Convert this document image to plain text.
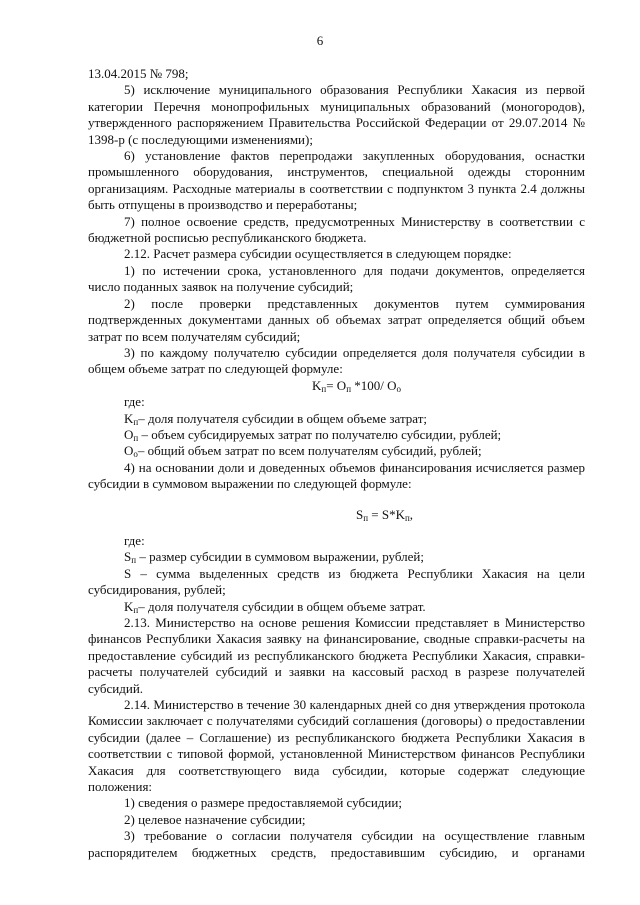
6

13.04.2015 № 798;

5) исключение муниципального образования Республики Хакасия из первой категории Перечня монопрофильных муниципальных образований (моногородов), утвержденного распоряжением Правительства Российской Федерации от 29.07.2014 № 1398-р (с последующими изменениями);

6) установление фактов перепродажи закупленных оборудования, оснастки промышленного оборудования, инструментов, специальной одежды сторонним организациям. Расходные материалы в соответствии с подпунктом 3 пункта 2.4 должны быть отпущены в производство и переработаны;

7) полное освоение средств, предусмотренных Министерству в соответствии с бюджетной росписью республиканского бюджета.

2.12. Расчет размера субсидии осуществляется в следующем порядке:

1) по истечении срока, установленного для подачи документов, определяется число поданных заявок на получение субсидий;

2) после проверки представленных документов путем суммирования подтвержденных документами данных об объемах затрат определяется общий объем затрат по всем получателям субсидий;

3) по каждому получателю субсидии определяется доля получателя субсидии в общем объеме затрат по следующей формуле:

$K_п= O_п$ *100/ $O_о$

где:

$K_п-$ доля получателя субсидии в общем объеме затрат;

$O_п$ – объем субсидируемых затрат по получателю субсидии, рублей;

$O_о-$ общий объем затрат по всем получателям субсидий, рублей;

4) на основании доли и доведенных объемов финансирования исчисляется размер субсидии в суммовом выражении по следующей формуле:

$S_п = S*K_п$,

где:

$S_п$ – размер субсидии в суммовом выражении, рублей;

S – сумма выделенных средств из бюджета Республики Хакасия на цели субсидирования, рублей;

$K_п-$ доля получателя субсидии в общем объеме затрат.

2.13. Министерство на основе решения Комиссии представляет в Министерство финансов Республики Хакасия заявку на финансирование, сводные справки-расчеты на предоставление субсидий из республиканского бюджета Республики Хакасия, справки-расчеты получателей субсидий и заявки на кассовый расход в разрезе получателей субсидий.

2.14. Министерство в течение 30 календарных дней со дня утверждения протокола Комиссии заключает с получателями субсидий соглашения (договоры) о предоставлении субсидии (далее – Соглашение) из республиканского бюджета Республики Хакасия в соответствии с типовой формой, установленной Министерством финансов Республики Хакасия для соответствующего вида субсидии, которые содержат следующие положения:

1) сведения о размере предоставляемой субсидии;

2) целевое назначение субсидии;

3) требование о согласии получателя субсидии на осуществление главным распорядителем бюджетных средств, предоставившим субсидию, и органами
